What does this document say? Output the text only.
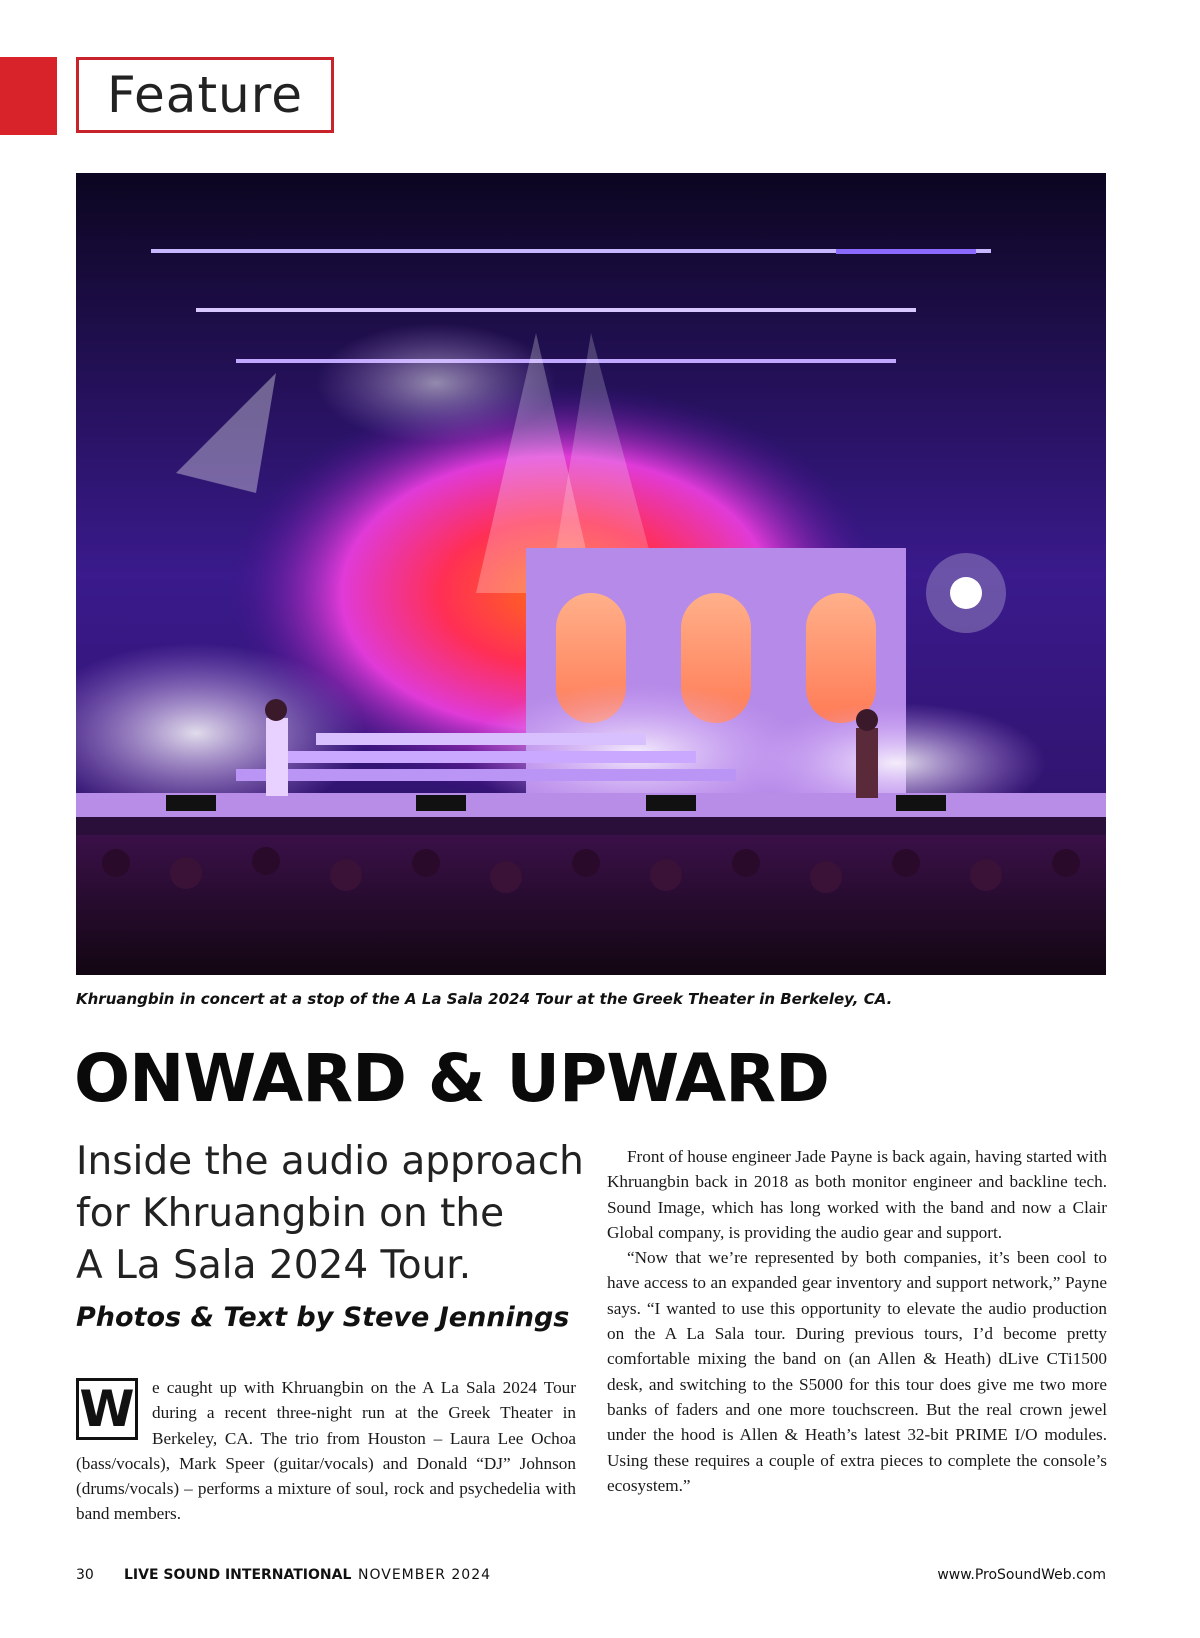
Feature
Khruangbin in concert at a stop of the A La Sala 2024 Tour at the Greek Theater in Berkeley, CA.
ONWARD & UPWARD
Inside the audio approach
for Khruangbin on the
A La Sala 2024 Tour.
Photos & Text by Steve Jennings
W	e caught up with Khruangbin on the A La Sala 2024 Tour during a recent three-night run at the Greek Theater in Berkeley, CA. The trio from Houston – Laura Lee Ochoa (bass/vocals), Mark Speer (guitar/vocals) and Donald “DJ” Johnson (drums/vocals) – performs a mixture of soul, rock and psychedelia with band members.

Front of house engineer Jade Payne is back again, having started with Khruangbin back in 2018 as both monitor engineer and backline tech. Sound Image, which has long worked with the band and now a Clair Global company, is providing the audio gear and support.

“Now that we’re represented by both companies, it’s been cool to have access to an expanded gear inventory and support network,” Payne says. “I wanted to use this opportunity to elevate the audio production on the A La Sala tour. During previous tours, I’d become pretty comfortable mixing the band on (an Allen & Heath) dLive CTi1500 desk, and switching to the S5000 for this tour does give me two more banks of faders and one more touchscreen. But the real crown jewel under the hood is Allen & Heath’s latest 32-bit PRIME I/O modules. Using these requires a couple of extra pieces to complete the console’s ecosystem.”

30 LIVE SOUND INTERNATIONAL NOVEMBER 2024	www.ProSoundWeb.com
